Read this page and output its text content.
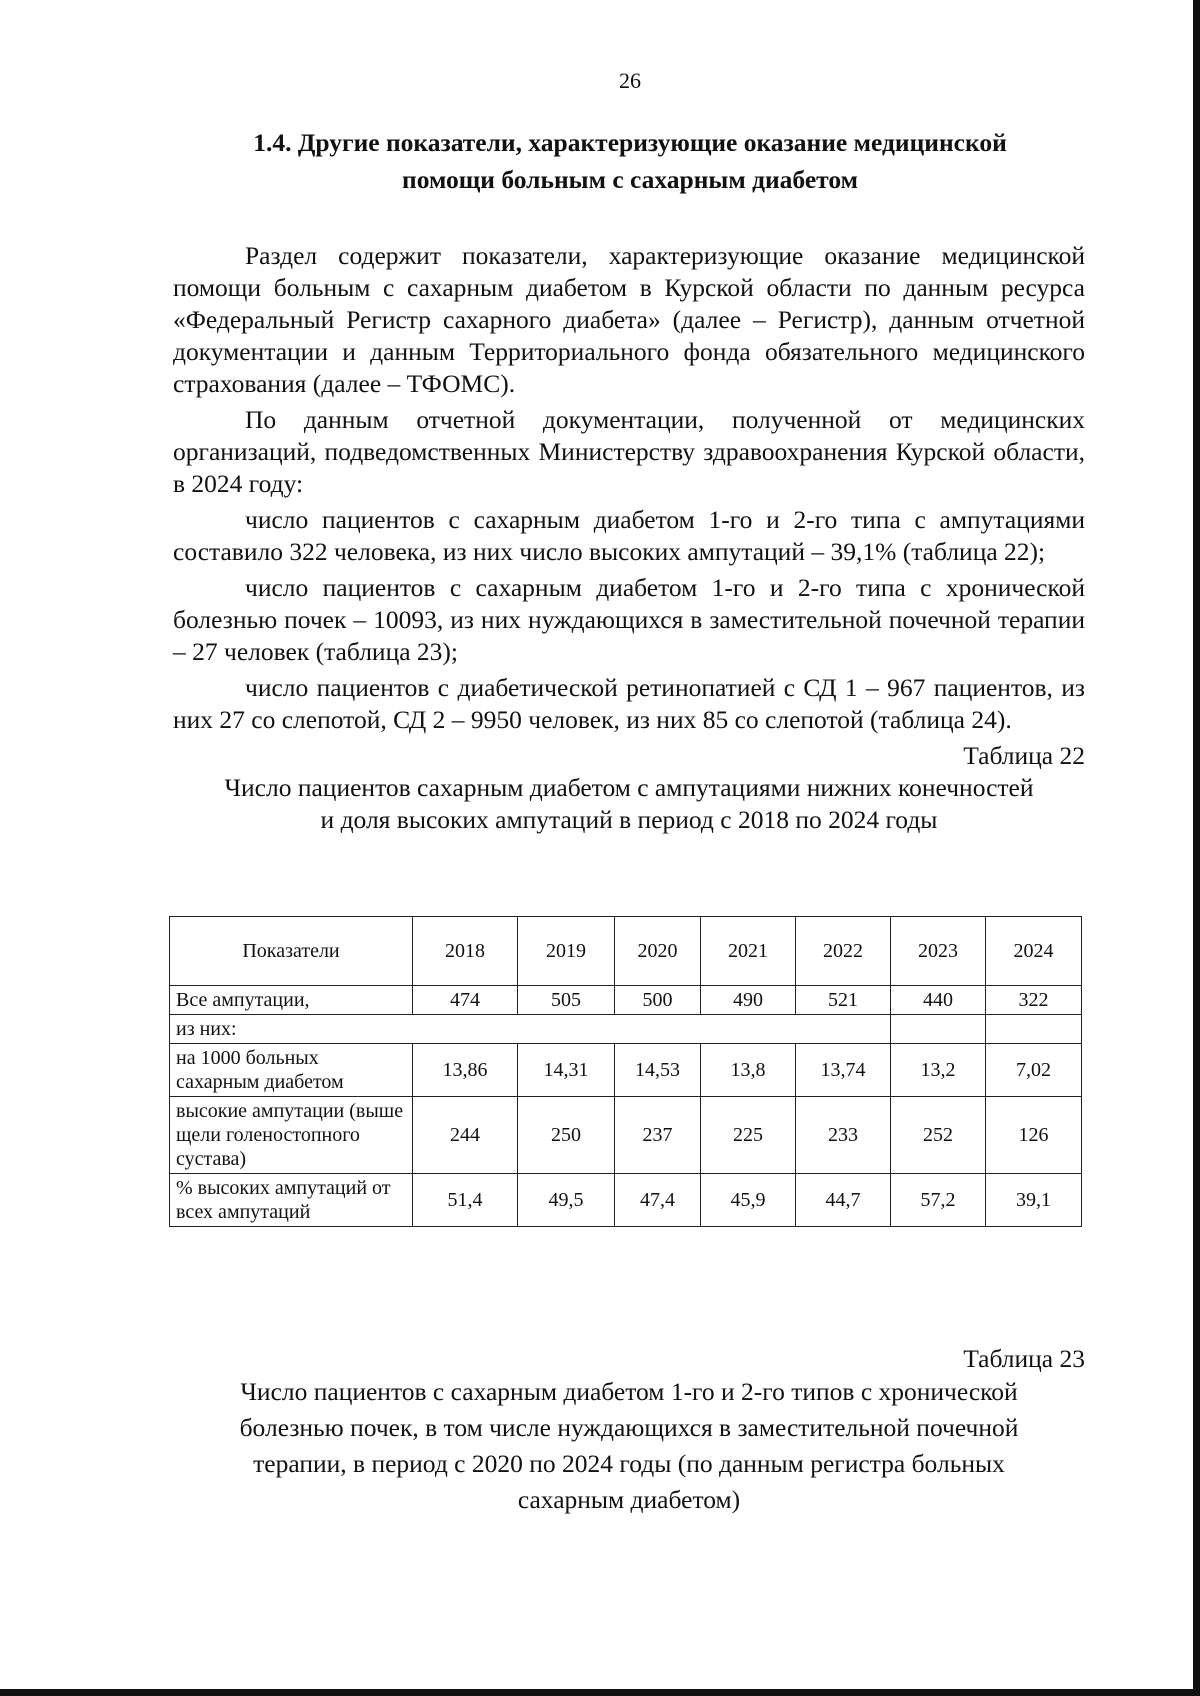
26
1.4. Другие показатели, характеризующие оказание медицинской
помощи больным с сахарным диабетом

Раздел содержит показатели, характеризующие оказание медицинской помощи больным с сахарным диабетом в Курской области по данным ресурса «Федеральный Регистр сахарного диабета» (далее – Регистр), данным отчетной документации и данным Территориального фонда обязательного медицинского страхования (далее – ТФОМС).

По данным отчетной документации, полученной от медицинских организаций, подведомственных Министерству здравоохранения Курской области, в 2024 году:

число пациентов с сахарным диабетом 1-го и 2-го типа с ампутациями составило 322 человека, из них число высоких ампутаций – 39,1% (таблица 22);

число пациентов с сахарным диабетом 1-го и 2-го типа с хронической болезнью почек – 10093, из них нуждающихся в заместительной почечной терапии – 27 человек (таблица 23);

число пациентов с диабетической ретинопатией с СД 1 – 967 пациентов, из них 27 со слепотой, СД 2 – 9950 человек, из них 85 со слепотой (таблица 24).

Таблица 22
Число пациентов сахарным диабетом с ампутациями нижних конечностей
и доля высоких ампутаций в период с 2018 по 2024 годы
Показатели	2018	2019	2020	2021	2022	2023	2024
Все ампутации,	474	505	500	490	521	440	322
из них:							
на 1000 больных сахарным диабетом	13,86	14,31	14,53	13,8	13,74	13,2	7,02
высокие ампутации (выше щели голеностопного сустава)	244	250	237	225	233	252	126
% высоких ампутаций от всех ампутаций	51,4	49,5	47,4	45,9	44,7	57,2	39,1
Таблица 23
Число пациентов с сахарным диабетом 1-го и 2-го типов с хронической
болезнью почек, в том числе нуждающихся в заместительной почечной
терапии, в период с 2020 по 2024 годы (по данным регистра больных
сахарным диабетом)
